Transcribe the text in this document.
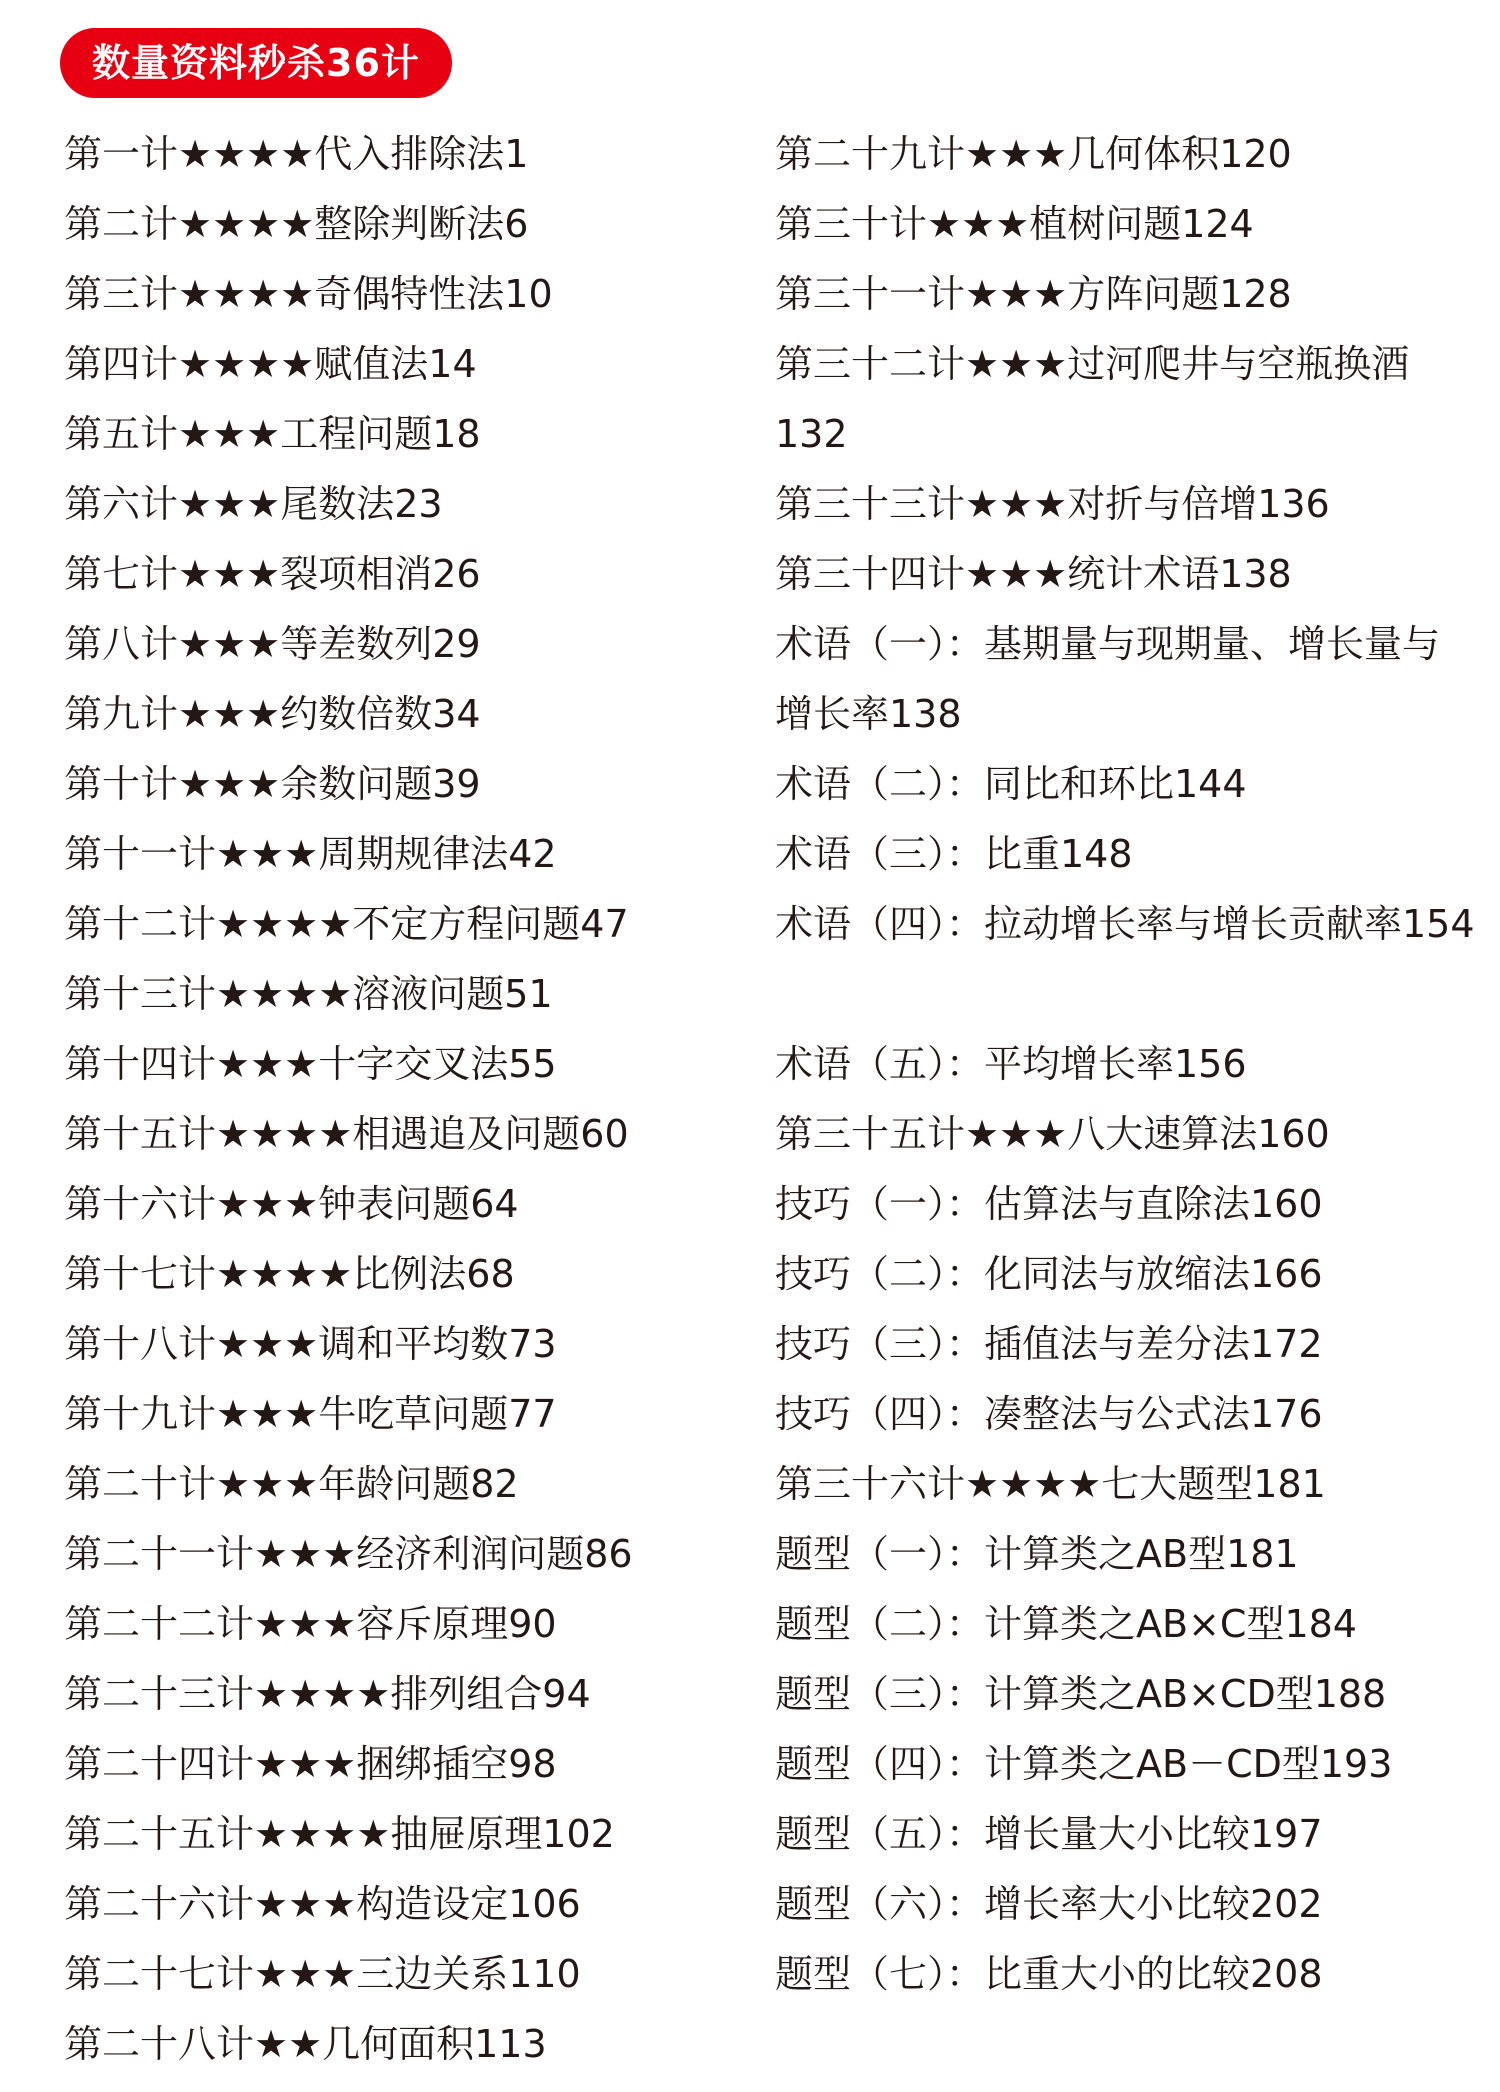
数量资料秒杀36计
第一计★★★★代入排除法1
第二计★★★★整除判断法6
第三计★★★★奇偶特性法10
第四计★★★★赋值法14
第五计★★★工程问题18
第六计★★★尾数法23
第七计★★★裂项相消26
第八计★★★等差数列29
第九计★★★约数倍数34
第十计★★★余数问题39
第十一计★★★周期规律法42
第十二计★★★★不定方程问题47
第十三计★★★★溶液问题51
第十四计★★★十字交叉法55
第十五计★★★★相遇追及问题60
第十六计★★★钟表问题64
第十七计★★★★比例法68
第十八计★★★调和平均数73
第十九计★★★牛吃草问题77
第二十计★★★年龄问题82
第二十一计★★★经济利润问题86
第二十二计★★★容斥原理90
第二十三计★★★★排列组合94
第二十四计★★★捆绑插空98
第二十五计★★★★抽屉原理102
第二十六计★★★构造设定106
第二十七计★★★三边关系110
第二十八计★★几何面积113
第二十九计★★★几何体积120
第三十计★★★植树问题124
第三十一计★★★方阵问题128
第三十二计★★★过河爬井与空瓶换酒132
第三十三计★★★对折与倍增136
第三十四计★★★统计术语138
术语（一）：基期量与现期量、增长量与增长率138
术语（二）：同比和环比144
术语（三）：比重148
术语（四）：拉动增长率与增长贡献率154
术语（五）：平均增长率156
第三十五计★★★八大速算法160
技巧（一）：估算法与直除法160
技巧（二）：化同法与放缩法166
技巧（三）：插值法与差分法172
技巧（四）：凑整法与公式法176
第三十六计★★★★七大题型181
题型（一）：计算类之AB型181
题型（二）：计算类之AB×C型184
题型（三）：计算类之AB×CD型188
题型（四）：计算类之AB－CD型193
题型（五）：增长量大小比较197
题型（六）：增长率大小比较202
题型（七）：比重大小的比较208
